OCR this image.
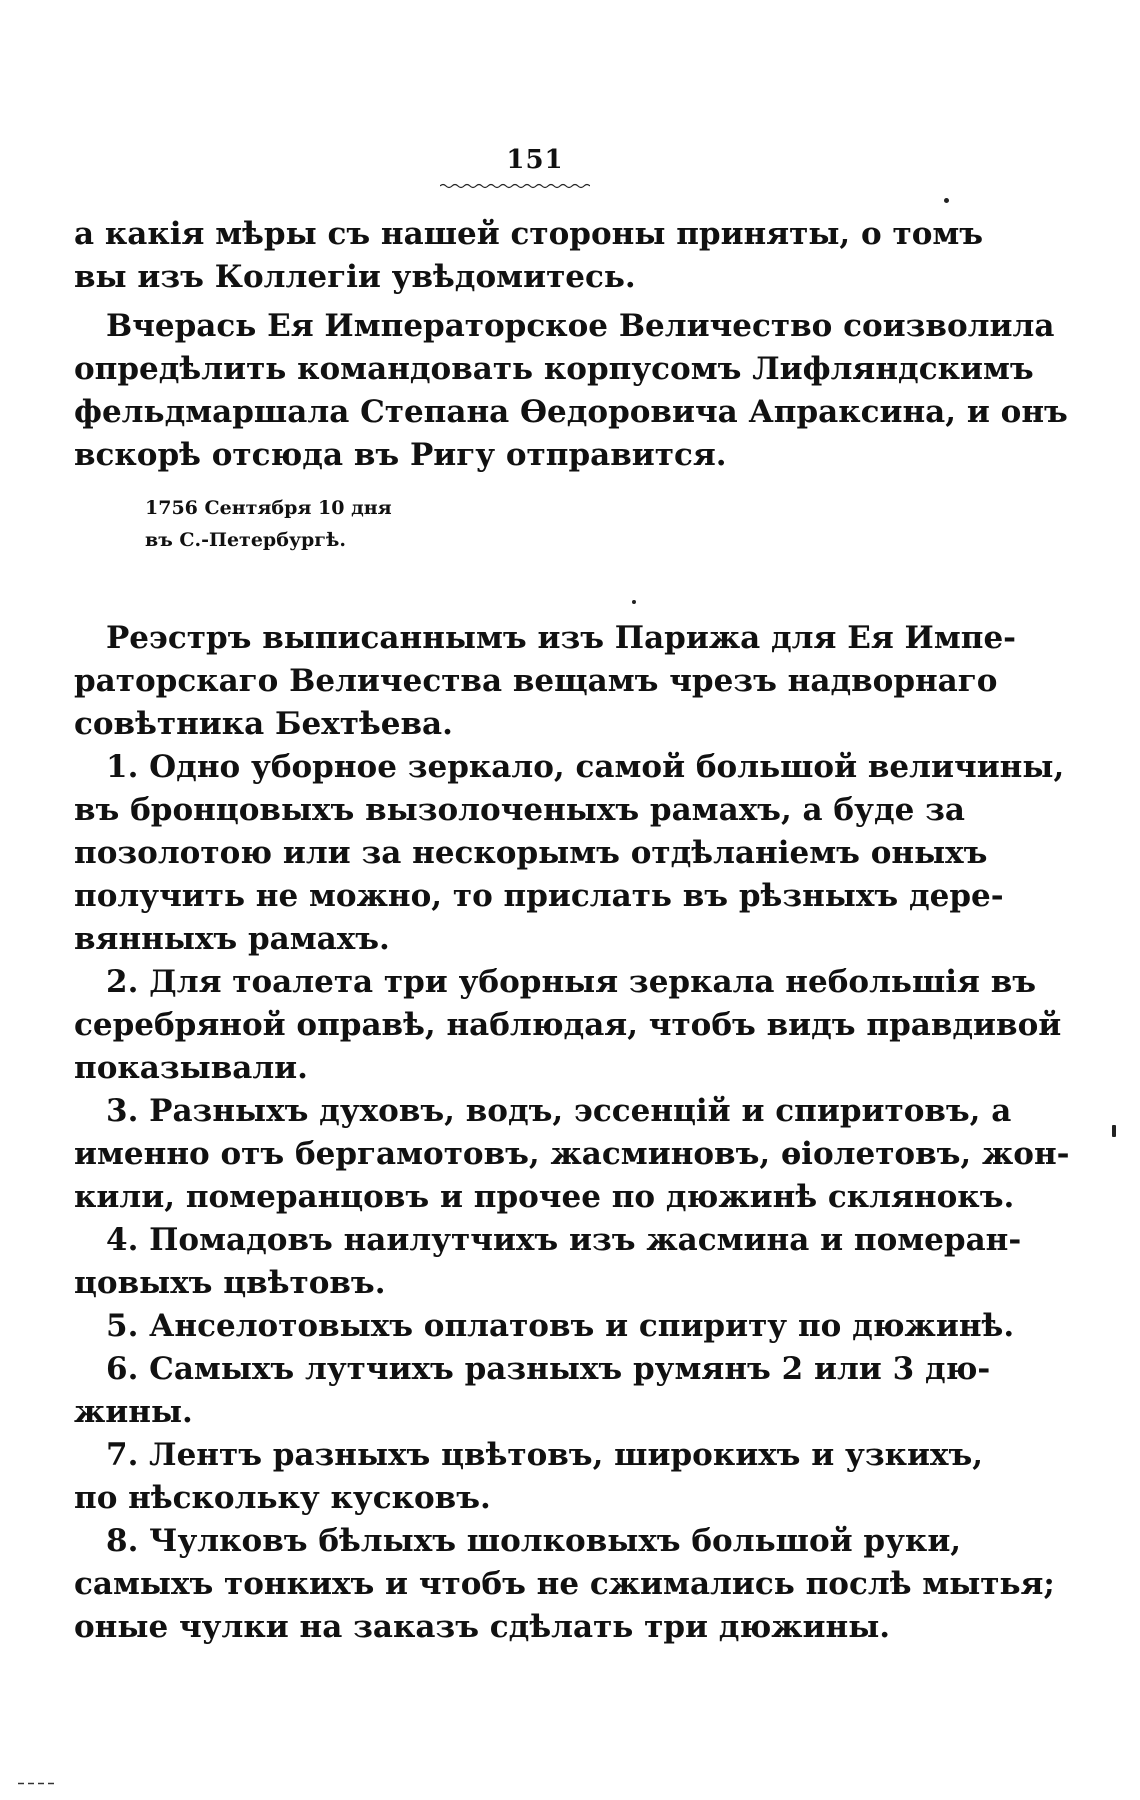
151
а какія мѣры съ нашей стороны приняты, о томъ
вы изъ Коллегіи увѣдомитесь.
Вчерась Ея Императорское Величество соизволила
опредѣлить командовать корпусомъ Лифляндскимъ
фельдмаршала Степана Ѳедоровича Апраксина, и онъ
вскорѣ отсюда въ Ригу отправится.
1756 Сентября 10 дня
въ С.-Петербургѣ.
Реэстръ выписаннымъ изъ Парижа для Ея Импе-
раторскаго Величества вещамъ чрезъ надворнаго
совѣтника Бехтѣева.
1. Одно уборное зеркало, самой большой величины,
въ бронцовыхъ вызолоченыхъ рамахъ, а буде за
позолотою или за нескорымъ отдѣланіемъ оныхъ
получить не можно, то прислать въ рѣзныхъ дере-
вянныхъ рамахъ.
2. Для тоалета три уборныя зеркала небольшія въ
серебряной оправѣ, наблюдая, чтобъ видъ правдивой
показывали.
3. Разныхъ духовъ, водъ, эссенцій и спиритовъ, а
именно отъ бергамотовъ, жасминовъ, ѳіолетовъ, жон-
кили, померанцовъ и прочее по дюжинѣ склянокъ.
4. Помадовъ наилутчихъ изъ жасмина и померан-
цовыхъ цвѣтовъ.
5. Анселотовыхъ оплатовъ и спириту по дюжинѣ.
6. Самыхъ лутчихъ разныхъ румянъ 2 или 3 дю-
жины.
7. Лентъ разныхъ цвѣтовъ, широкихъ и узкихъ,
по нѣскольку кусковъ.
8. Чулковъ бѣлыхъ шолковыхъ большой руки,
самыхъ тонкихъ и чтобъ не сжимались послѣ мытья;
оные чулки на заказъ сдѣлать три дюжины.
